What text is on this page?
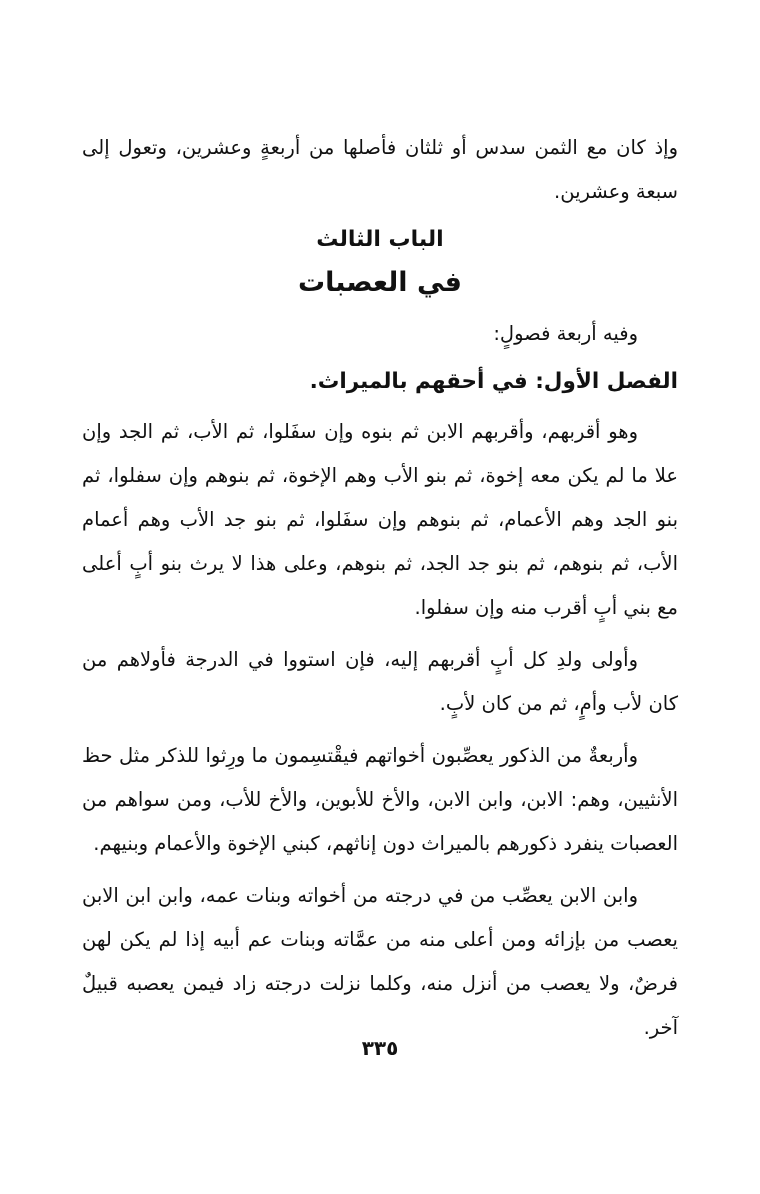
وإذ كان مع الثمن سدس أو ثلثان فأصلها من أربعةٍ وعشرين، وتعول إلى سبعة وعشرين.

الباب الثالث
في العصبات

وفيه أربعة فصولٍ:

الفصل الأول: في أحقهم بالميراث.

وهو أقربهم، وأقربهم الابن ثم بنوه وإن سفَلوا، ثم الأب، ثم الجد وإن علا ما لم يكن معه إخوة، ثم بنو الأب وهم الإخوة، ثم بنوهم وإن سفلوا، ثم بنو الجد وهم الأعمام، ثم بنوهم وإن سفَلوا، ثم بنو جد الأب وهم أعمام الأب، ثم بنوهم، ثم بنو جد الجد، ثم بنوهم، وعلى هذا لا يرث بنو أبٍ أعلى مع بني أبٍ أقرب منه وإن سفلوا.

وأولى ولدِ كل أبٍ أقربهم إليه، فإن استووا في الدرجة فأولاهم من كان لأب وأمٍ، ثم من كان لأبٍ.

وأربعةٌ من الذكور يعصِّبون أخواتهم فيقْتسِمون ما ورِثوا للذكر مثل حظ الأنثيين، وهم: الابن، وابن الابن، والأخ للأبوين، والأخ للأب، ومن سواهم من العصبات ينفرد ذكورهم بالميراث دون إناثهم، كبني الإخوة والأعمام وبنيهم.

وابن الابن يعصِّب من في درجته من أخواته وبنات عمه، وابن ابن الابن يعصب من بإزائه ومن أعلى منه من عمَّاته وبنات عم أبيه إذا لم يكن لهن فرضٌ، ولا يعصب من أنزل منه، وكلما نزلت درجته زاد فيمن يعصبه قبيلٌ آخر.

٣٣٥
